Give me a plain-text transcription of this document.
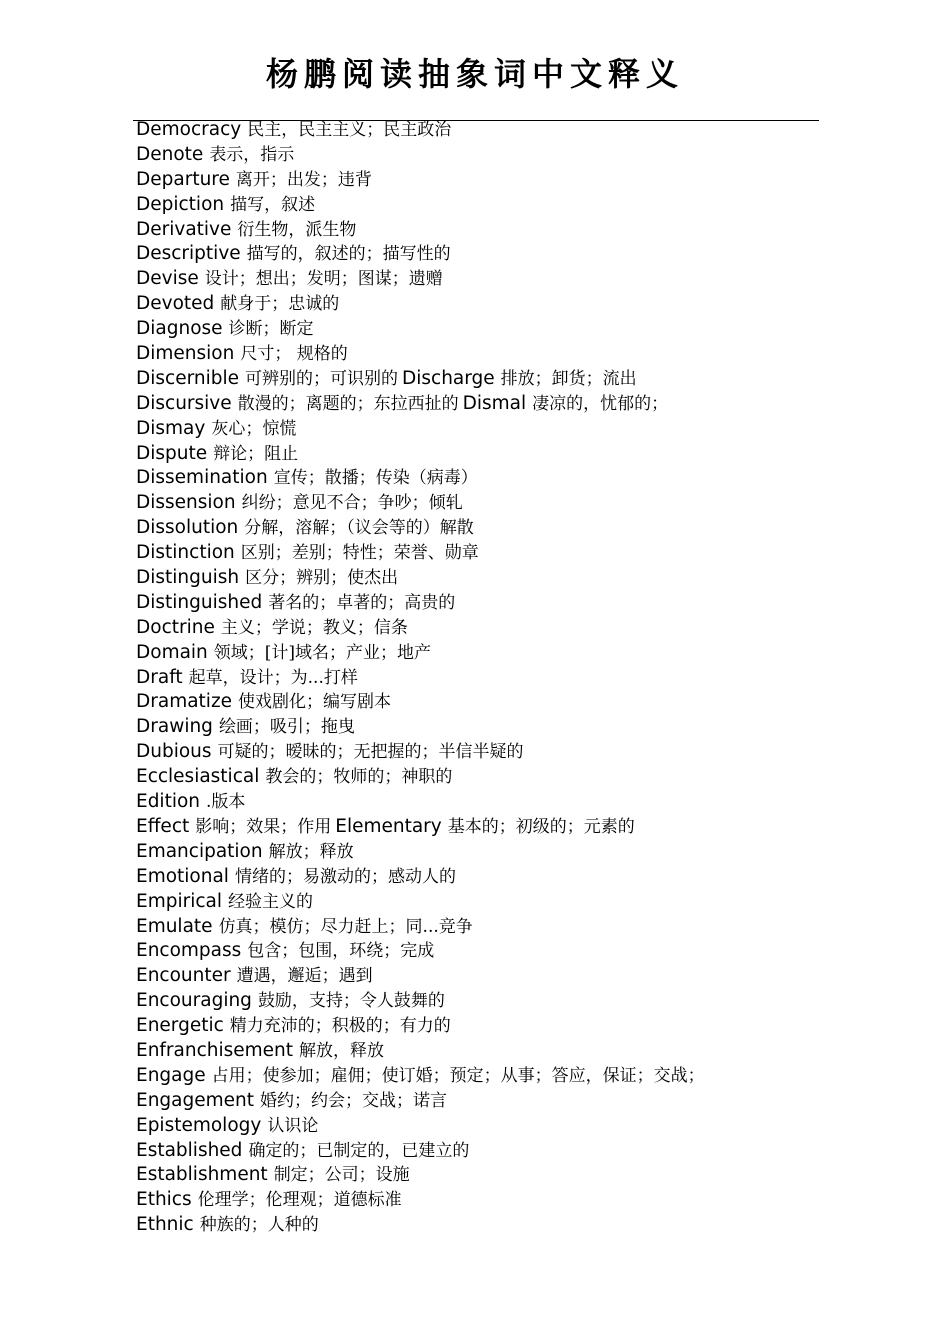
杨鹏阅读抽象词中文释义
Democracy 民主，民主主义；民主政治
Denote 表示，指示
Departure 离开；出发；违背
Depiction 描写，叙述
Derivative 衍生物，派生物
Descriptive 描写的，叙述的；描写性的
Devise 设计；想出；发明；图谋；遗赠
Devoted 献身于；忠诚的
Diagnose 诊断；断定
Dimension 尺寸； 规格的
Discernible 可辨别的；可识别的 Discharge 排放；卸货；流出
Discursive 散漫的；离题的；东拉西扯的 Dismal 凄凉的，忧郁的；
Dismay 灰心；惊慌
Dispute 辩论；阻止
Dissemination 宣传；散播；传染（病毒）
Dissension 纠纷；意见不合；争吵；倾轧
Dissolution 分解，溶解；（议会等的）解散
Distinction 区别；差别；特性；荣誉、勋章
Distinguish 区分；辨别；使杰出
Distinguished 著名的；卓著的；高贵的
Doctrine 主义；学说；教义；信条
Domain 领域；[计]域名；产业；地产
Draft 起草，设计；为...打样
Dramatize 使戏剧化；编写剧本
Drawing 绘画；吸引；拖曳
Dubious 可疑的；暧昧的；无把握的；半信半疑的
Ecclesiastical 教会的；牧师的；神职的
Edition .版本
Effect 影响；效果；作用 Elementary 基本的；初级的；元素的
Emancipation 解放；释放
Emotional 情绪的；易激动的；感动人的
Empirical 经验主义的
Emulate 仿真；模仿；尽力赶上；同...竞争
Encompass 包含；包围，环绕；完成
Encounter 遭遇，邂逅；遇到
Encouraging 鼓励，支持；令人鼓舞的
Energetic 精力充沛的；积极的；有力的
Enfranchisement 解放，释放
Engage 占用；使参加；雇佣；使订婚；预定；从事；答应，保证；交战；
Engagement 婚约；约会；交战；诺言
Epistemology 认识论
Established 确定的；已制定的，已建立的
Establishment 制定；公司；设施
Ethics 伦理学；伦理观；道德标准
Ethnic 种族的；人种的
